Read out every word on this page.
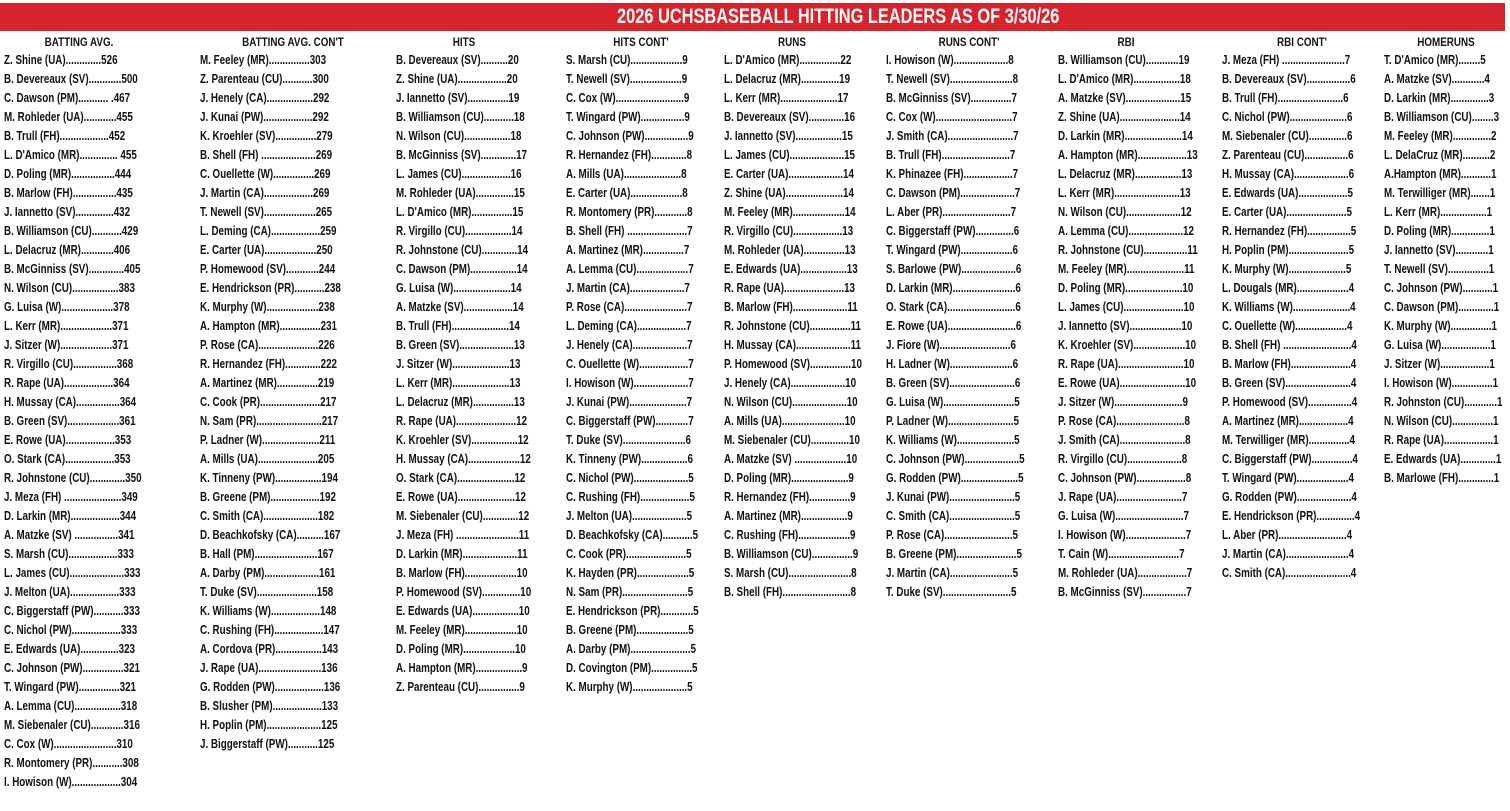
2026 UCHSBASEBALL HITTING LEADERS AS OF 3/30/26
BATTING AVG.
Z. Shine (UA).............526
B. Devereaux (SV)............500
C. Dawson (PM)........... .467
M. Rohleder (UA)............455
B. Trull (FH)..................452
L. D'Amico (MR).............. 455
D. Poling (MR)................444
B. Marlow (FH)................435
J. Iannetto (SV)..............432
B. Williamson (CU)...........429
L. Delacruz (MR)............406
B. McGinniss (SV).............405
N. Wilson (CU).................383
G. Luisa (W)...................378
L. Kerr (MR)...................371
J. Sitzer (W)...................371
R. Virgillo (CU)................368
R. Rape (UA)..................364
H. Mussay (CA)................364
B. Green (SV)...................361
E. Rowe (UA)..................353
O. Stark (CA)..................353
R. Johnstone (CU).............350
J. Meza (FH) .....................349
D. Larkin (MR)..................344
A. Matzke (SV) ................341
S. Marsh (CU)..................333
L. James (CU)....................333
J. Melton (UA)..................333
C. Biggerstaff (PW)...........333
C. Nichol (PW)..................333
E. Edwards (UA)..............323
C. Johnson (PW)...............321
T. Wingard (PW)...............321
A. Lemma (CU).................318
M. Siebenaler (CU)............316
C. Cox (W).......................310
R. Montomery (PR)...........308
I. Howison (W)..................304
BATTING AVG. CON'T
M. Feeley (MR)...............303
Z. Parenteau (CU)...........300
J. Henely (CA).................292
J. Kunai (PW)..................292
K. Kroehler (SV)...............279
B. Shell (FH) ....................269
C. Ouellette (W)...............269
J. Martin (CA)..................269
T. Newell (SV)...................265
L. Deming (CA)..................259
E. Carter (UA)...................250
P. Homewood (SV)............244
E. Hendrickson (PR)...........238
K. Murphy (W)...................238
A. Hampton (MR)...............231
P. Rose (CA)......................226
R. Hernandez (FH).............222
A. Martinez (MR)...............219
C. Cook (PR)......................217
N. Sam (PR)........................217
P. Ladner (W).....................211
A. Mills (UA)......................205
K. Tinneny (PW).................194
B. Greene (PM)..................192
C. Smith (CA)....................182
D. Beachkofsky (CA)..........167
B. Hall (PM).......................167
A. Darby (PM)....................161
T. Duke (SV)......................158
K. Williams (W)..................148
C. Rushing (FH)..................147
A. Cordova (PR).................143
J. Rape (UA).......................136
G. Rodden (PW)..................136
B. Slusher (PM)..................133
H. Poplin (PM)....................125
J. Biggerstaff (PW)...........125
HITS
B. Devereaux (SV)..........20
Z. Shine (UA)..................20
J. Iannetto (SV)...............19
B. Williamson (CU)...........18
N. Wilson (CU).................18
B. McGinniss (SV).............17
L. James (CU)..................16
M. Rohleder (UA)..............15
L. D'Amico (MR)...............15
R. Virgillo (CU).................14
R. Johnstone (CU).............14
C. Dawson (PM).................14
G. Luisa (W).....................14
A. Matzke (SV)..................14
B. Trull (FH).....................14
B. Green (SV)....................13
J. Sitzer (W).....................13
L. Kerr (MR).....................13
L. Delacruz (MR)...............13
R. Rape (UA)......................12
K. Kroehler (SV).................12
H. Mussay (CA)...................12
O. Stark (CA).....................12
E. Rowe (UA).....................12
M. Siebenaler (CU).............12
J. Meza (FH) .......................11
D. Larkin (MR)....................11
B. Marlow (FH)...................10
P. Homewood (SV)..............10
E. Edwards (UA).................10
M. Feeley (MR)...................10
D. Poling (MR)...................10
A. Hampton (MR).................9
Z. Parenteau (CU)...............9
HITS CONT'
S. Marsh (CU)...................9
T. Newell (SV)...................9
C. Cox (W).........................9
T. Wingard (PW)................9
C. Johnson (PW)................9
R. Hernandez (FH).............8
A. Mills (UA).....................8
E. Carter (UA)...................8
R. Montomery (PR)............8
B. Shell (FH) ......................7
A. Martinez (MR)...............7
A. Lemma (CU)...................7
J. Martin (CA)....................7
P. Rose (CA).......................7
L. Deming (CA)..................7
J. Henely (CA)....................7
C. Ouellette (W)..................7
I. Howison (W)....................7
J. Kunai (PW).....................7
C. Biggerstaff (PW)............7
T. Duke (SV).......................6
K. Tinneny (PW).................6
C. Nichol (PW)....................5
C. Rushing (FH)..................5
J. Melton (UA)....................5
D. Beachkofsky (CA)...........5
C. Cook (PR)......................5
K. Hayden (PR)...................5
N. Sam (PR)........................5
E. Hendrickson (PR)............5
B. Greene (PM)...................5
A. Darby (PM)......................5
D. Covington (PM)...............5
K. Murphy (W)....................5
RUNS
L. D'Amico (MR)...............22
L. Delacruz (MR)..............19
L. Kerr (MR).....................17
B. Devereaux (SV).............16
J. Iannetto (SV).................15
L. James (CU)....................15
E. Carter (UA)....................14
Z. Shine (UA).....................14
M. Feeley (MR)...................14
R. Virgillo (CU)..................13
M. Rohleder (UA)...............13
E. Edwards (UA).................13
R. Rape (UA)......................13
B. Marlow (FH)....................11
R. Johnstone (CU)...............11
H. Mussay (CA)....................11
P. Homewood (SV)...............10
J. Henely (CA)....................10
N. Wilson (CU)....................10
A. Mills (UA).......................10
M. Siebenaler (CU)..............10
A. Matzke (SV) ...................10
D. Poling (MR).....................9
R. Hernandez (FH)...............9
A. Martinez (MR).................9
C. Rushing (FH)...................9
B. Williamson (CU)...............9
S. Marsh (CU).......................8
B. Shell (FH).........................8
RUNS CONT'
I. Howison (W)....................8
T. Newell (SV).......................8
B. McGinniss (SV)...............7
C. Cox (W)............................7
J. Smith (CA)........................7
B. Trull (FH).........................7
K. Phinazee (FH)..................7
C. Dawson (PM)....................7
L. Aber (PR).........................7
C. Biggerstaff (PW)..............6
T. Wingard (PW)...................6
S. Barlowe (PW)....................6
D. Larkin (MR).......................6
O. Stark (CA).........................6
E. Rowe (UA).........................6
J. Fiore (W)..........................6
H. Ladner (W).......................6
B. Green (SV)........................6
G. Luisa (W)..........................5
P. Ladner (W)........................5
K. Williams (W).....................5
C. Johnson (PW)....................5
G. Rodden (PW).....................5
J. Kunai (PW)........................5
C. Smith (CA)........................5
P. Rose (CA).........................5
B. Greene (PM)......................5
J. Martin (CA).......................5
T. Duke (SV).........................5
RBI
B. Williamson (CU)............19
L. D'Amico (MR).................18
A. Matzke (SV)....................15
Z. Shine (UA)......................14
D. Larkin (MR).....................14
A. Hampton (MR)..................13
L. Delacruz (MR).................13
L. Kerr (MR)........................13
N. Wilson (CU)....................12
A. Lemma (CU)....................12
R. Johnstone (CU)................11
M. Feeley (MR).....................11
D. Poling (MR).....................10
L. James (CU)......................10
J. Iannetto (SV)...................10
K. Kroehler (SV)...................10
R. Rape (UA)........................10
E. Rowe (UA)........................10
J. Sitzer (W).........................9
P. Rose (CA).........................8
J. Smith (CA)........................8
R. Virgillo (CU)....................8
C. Johnson (PW)..................8
J. Rape (UA)........................7
G. Luisa (W).........................7
I. Howison (W)......................7
T. Cain (W)..........................7
M. Rohleder (UA)..................7
B. McGinniss (SV)................7
RBI CONT'
J. Meza (FH) .......................7
B. Devereaux (SV)................6
B. Trull (FH)........................6
C. Nichol (PW).....................6
M. Siebenaler (CU)..............6
Z. Parenteau (CU)................6
H. Mussay (CA)....................6
E. Edwards (UA)..................5
E. Carter (UA)......................5
R. Hernandez (FH)................5
H. Poplin (PM)......................5
K. Murphy (W).....................5
L. Dougals (MR)...................4
K. Williams (W).....................4
C. Ouellette (W)...................4
B. Shell (FH) .........................4
B. Marlow (FH)......................4
B. Green (SV)........................4
P. Homewood (SV)................4
A. Martinez (MR)..................4
M. Terwilliger (MR)...............4
C. Biggerstaff (PW)...............4
T. Wingard (PW)...................4
G. Rodden (PW)....................4
E. Hendrickson (PR)..............4
L. Aber (PR).........................4
J. Martin (CA).......................4
C. Smith (CA)........................4
HOMERUNS
T. D'Amico (MR)........5
A. Matzke (SV)............4
D. Larkin (MR)..............3
B. Williamson (CU)........3
M. Feeley (MR)..............2
L. DelaCruz (MR)..........2
A.Hampton (MR)...........1
M. Terwilliger (MR).......1
L. Kerr (MR).................1
D. Poling (MR)..............1
J. Iannetto (SV)............1
T. Newell (SV)...............1
C. Johnson (PW)...........1
C. Dawson (PM).............1
K. Murphy (W)...............1
G. Luisa (W)..................1
J. Sitzer (W)..................1
I. Howison (W)...............1
R. Johnston (CU)............1
N. Wilson (CU)...............1
R. Rape (UA)..................1
E. Edwards (UA).............1
B. Marlowe (FH).............1
